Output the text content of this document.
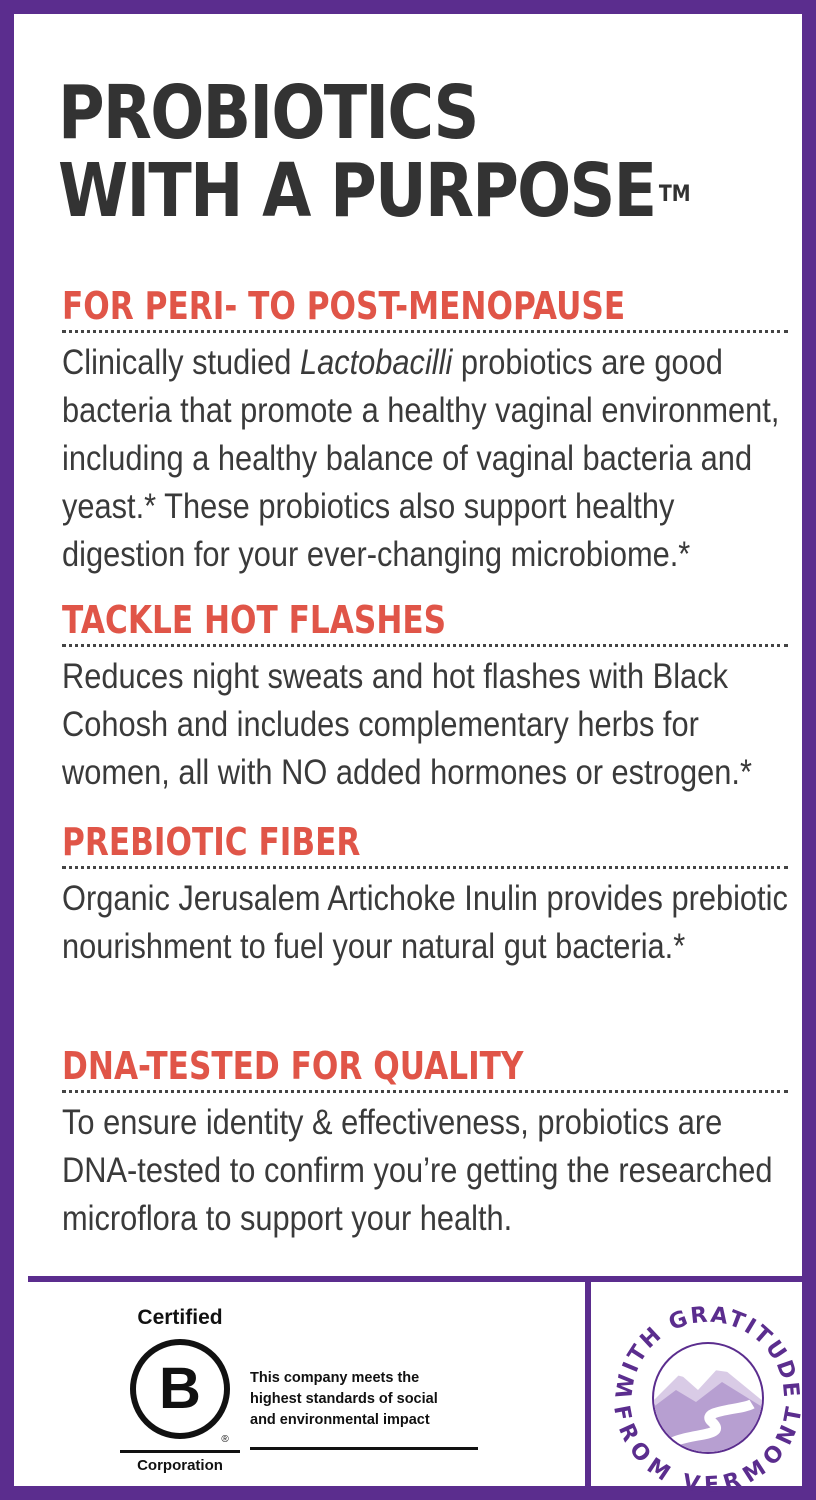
PROBIOTICS
WITH A PURPOSE ™
FOR PERI- TO POST-MENOPAUSE

Clinically studied Lactobacilli probiotics are good bacteria that promote a healthy vaginal environment, including a healthy balance of vaginal bacteria and yeast.* These probiotics also support healthy digestion for your ever-changing microbiome.*

TACKLE HOT FLASHES

Reduces night sweats and hot flashes with Black Cohosh and includes complementary herbs for women, all with NO added hormones or estrogen.*

PREBIOTIC FIBER

Organic Jerusalem Artichoke Inulin provides prebiotic nourishment to fuel your natural gut bacteria.*

DNA-TESTED FOR QUALITY

To ensure identity & effectiveness, probiotics are DNA-tested to confirm you’re getting the researched microflora to support your health.

Certified
B
®
Corporation
This company meets the
highest standards of social
and environmental impact
WITH GRATITUDE
FROM VERMONT
